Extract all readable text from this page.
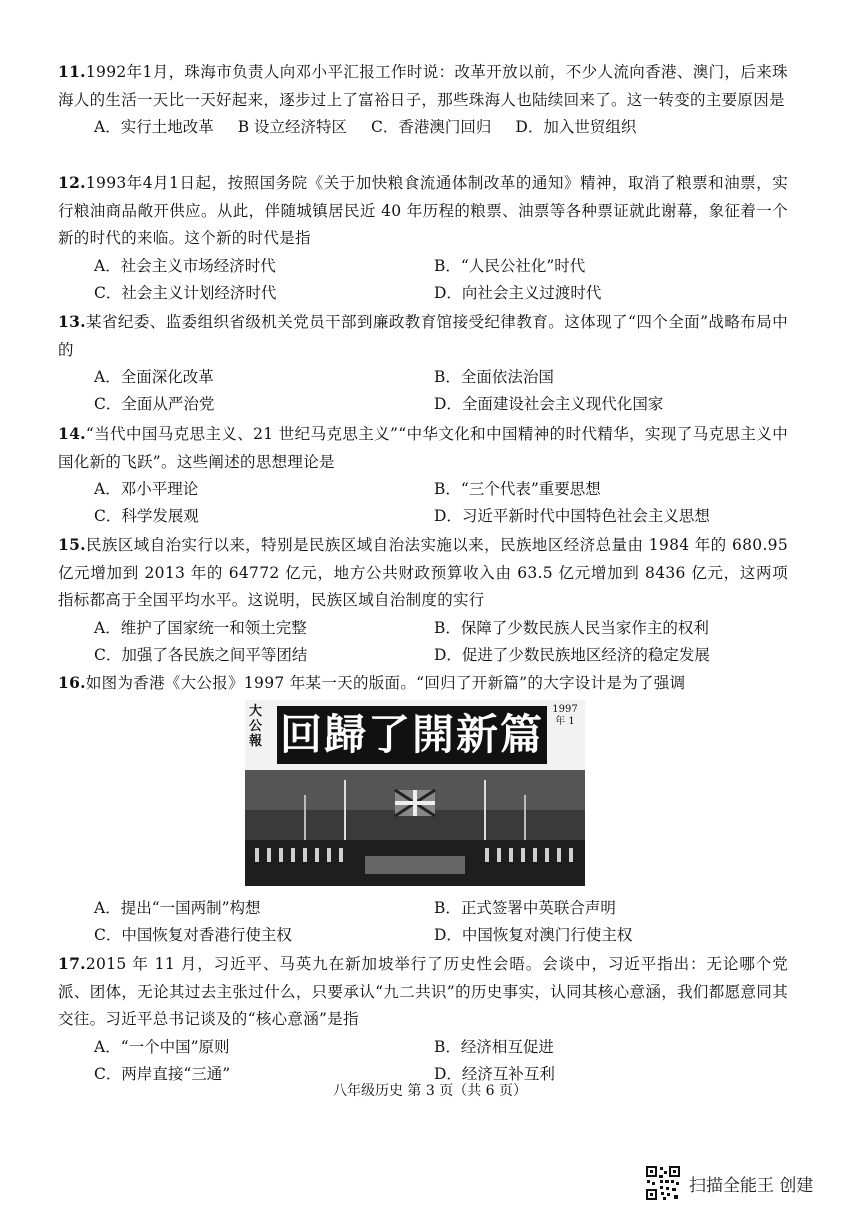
11.1992年1月，珠海市负责人向邓小平汇报工作时说：改革开放以前，不少人流向香港、澳门，后来珠海人的生活一天比一天好起来，逐步过上了富裕日子，那些珠海人也陆续回来了。这一转变的主要原因是
A．实行土地改革 B 设立经济特区 C．香港澳门回归 D．加入世贸组织
12.1993年4月1日起，按照国务院《关于加快粮食流通体制改革的通知》精神，取消了粮票和油票，实行粮油商品敞开供应。从此，伴随城镇居民近 40 年历程的粮票、油票等各种票证就此谢幕，象征着一个新的时代的来临。这个新的时代是指
A．社会主义市场经济时代	B．“人民公社化”时代
C．社会主义计划经济时代	D．向社会主义过渡时代
13.某省纪委、监委组织省级机关党员干部到廉政教育馆接受纪律教育。这体现了“四个全面”战略布局中的
A．全面深化改革	B．全面依法治国
C．全面从严治党	D．全面建设社会主义现代化国家
14.“当代中国马克思主义、21 世纪马克思主义”“中华文化和中国精神的时代精华，实现了马克思主义中国化新的飞跃”。这些阐述的思想理论是
A．邓小平理论	B．“三个代表”重要思想
C．科学发展观	D．习近平新时代中国特色社会主义思想
15.民族区域自治实行以来，特别是民族区域自治法实施以来，民族地区经济总量由 1984 年的 680.95 亿元增加到 2013 年的 64772 亿元，地方公共财政预算收入由 63.5 亿元增加到 8436 亿元，这两项指标都高于全国平均水平。这说明，民族区域自治制度的实行
A．维护了国家统一和领土完整	B．保障了少数民族人民当家作主的权利
C．加强了各民族之间平等团结	D．促进了少数民族地区经济的稳定发展
16.如图为香港《大公报》1997 年某一天的版面。“回归了开新篇”的大字设计是为了强调
大公報 回歸了開新篇
1997年 1
A．提出“一国两制”构想	B．正式签署中英联合声明
C．中国恢复对香港行使主权	D．中国恢复对澳门行使主权
17.2015 年 11 月，习近平、马英九在新加坡举行了历史性会晤。会谈中，习近平指出：无论哪个党派、团体，无论其过去主张过什么，只要承认“九二共识”的历史事实，认同其核心意涵，我们都愿意同其交往。习近平总书记谈及的“核心意涵”是指
A．“一个中国”原则	B．经济相互促进
C．两岸直接“三通”	D．经济互补互利
八年级历史 第 3 页（共 6 页）
扫描全能王 创建
